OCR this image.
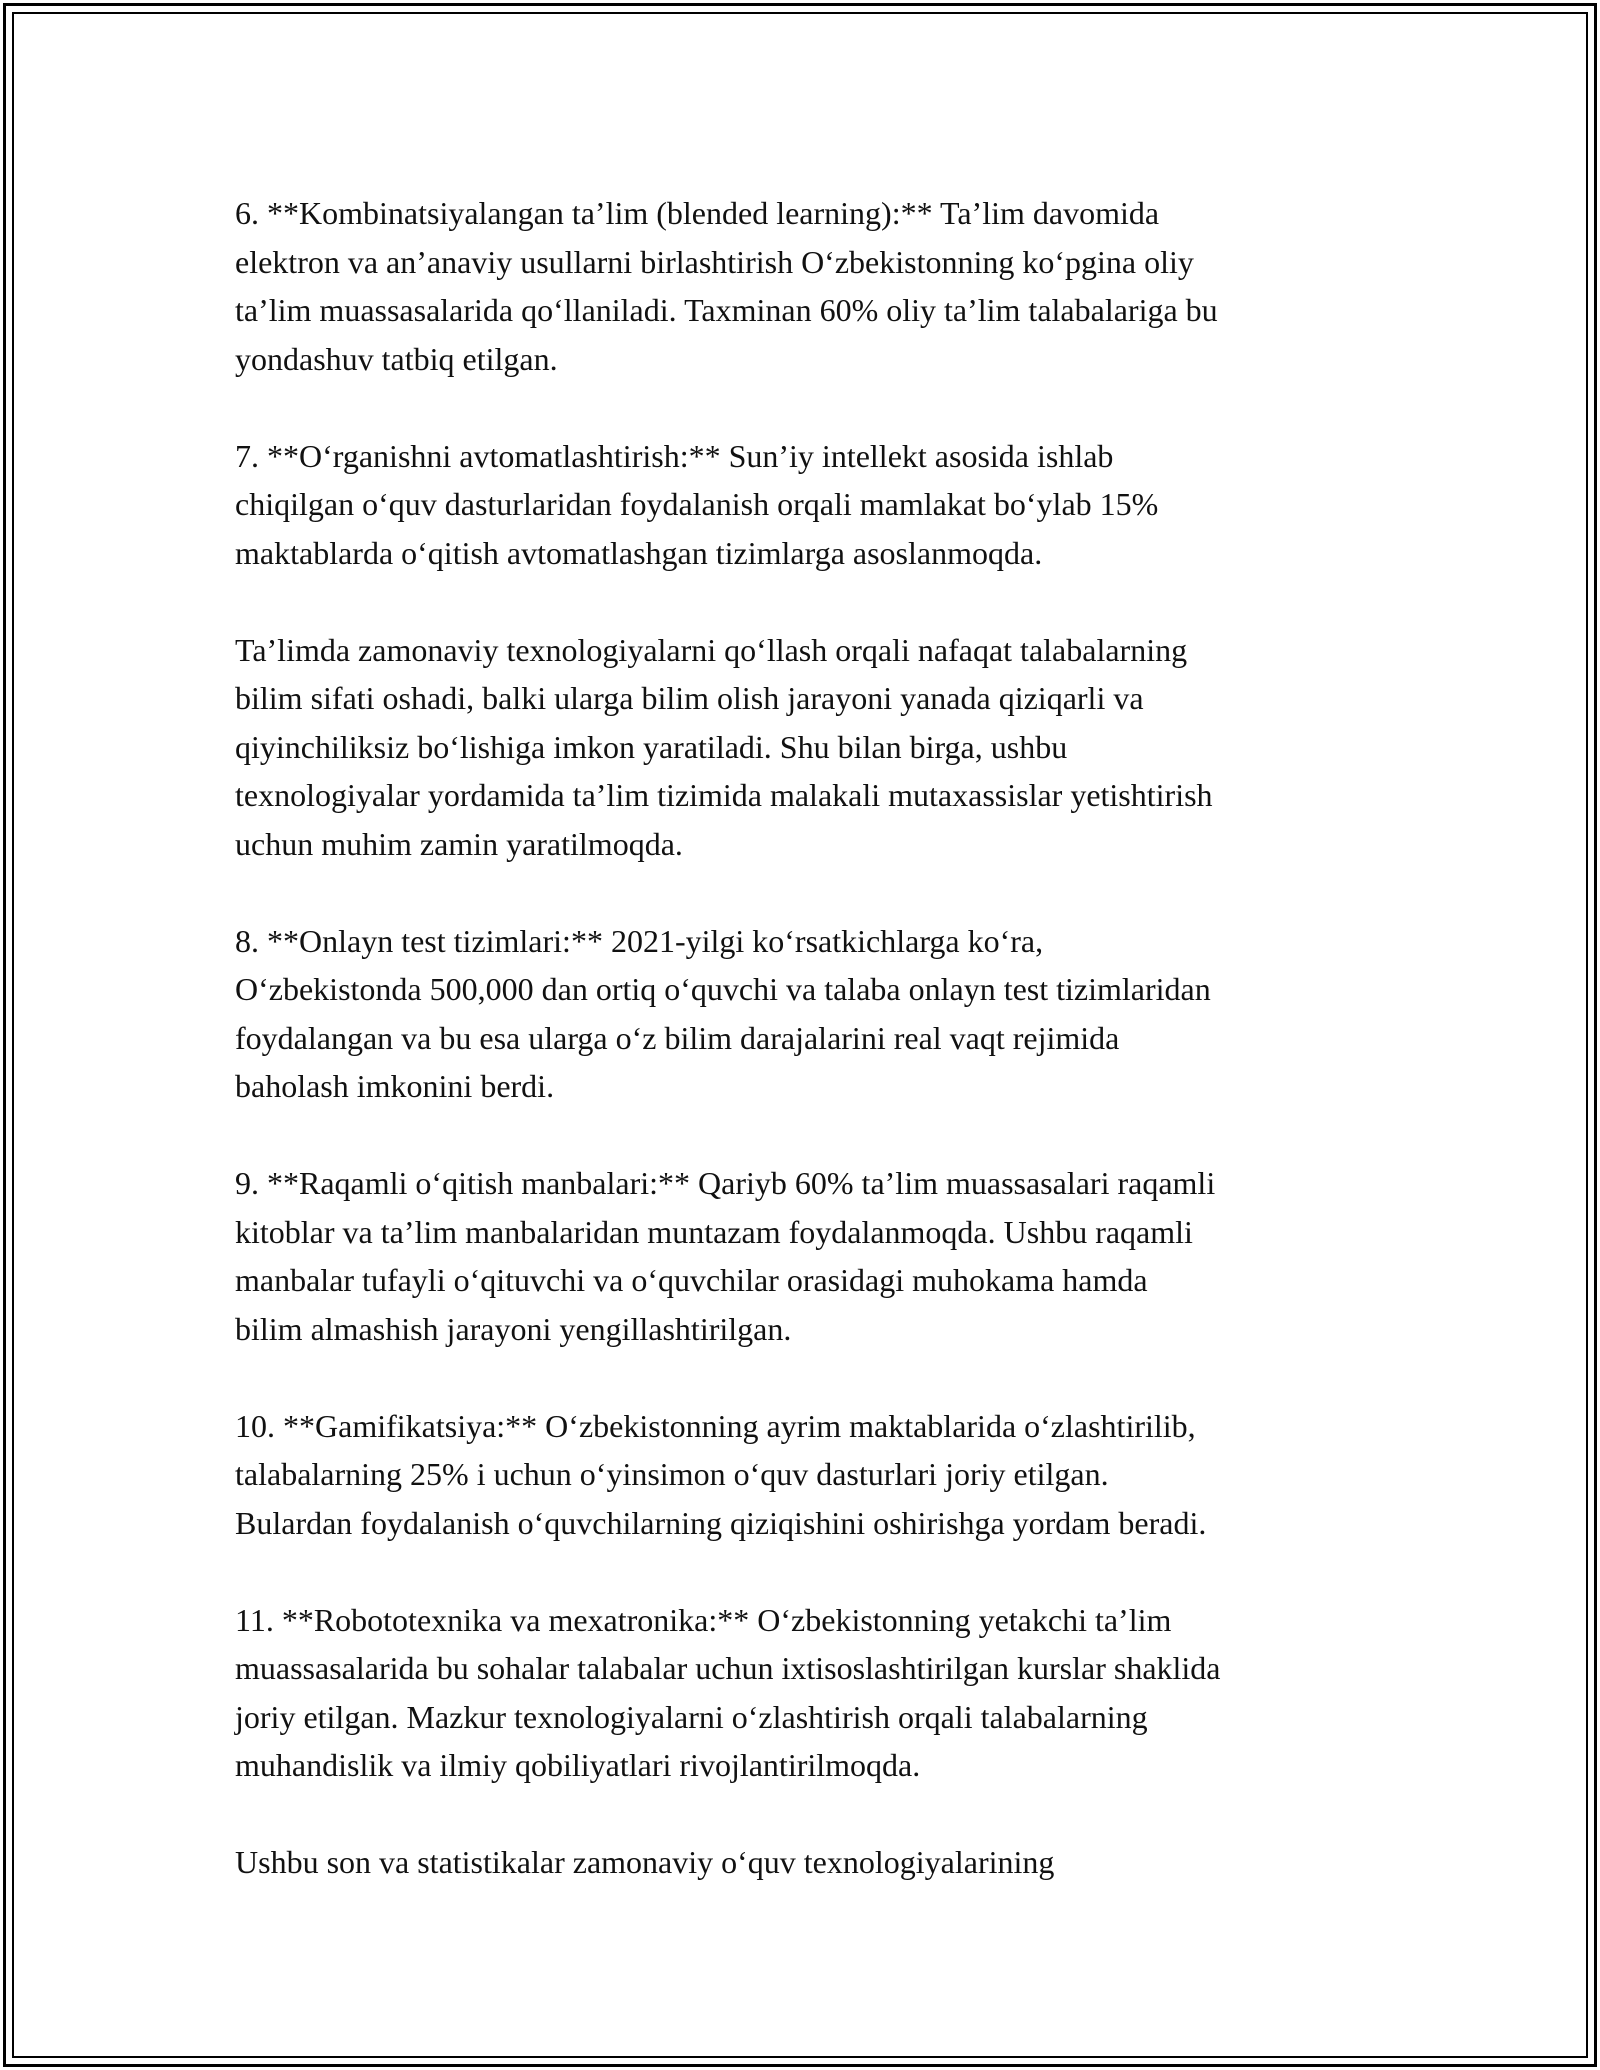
6. **Kombinatsiyalangan ta’lim (blended learning):** Ta’lim davomida
elektron va an’anaviy usullarni birlashtirish O‘zbekistonning ko‘pgina oliy
ta’lim muassasalarida qo‘llaniladi. Taxminan 60% oliy ta’lim talabalariga bu
yondashuv tatbiq etilgan.

7. **O‘rganishni avtomatlashtirish:** Sun’iy intellekt asosida ishlab
chiqilgan o‘quv dasturlaridan foydalanish orqali mamlakat bo‘ylab 15%
maktablarda o‘qitish avtomatlashgan tizimlarga asoslanmoqda.

Ta’limda zamonaviy texnologiyalarni qo‘llash orqali nafaqat talabalarning
bilim sifati oshadi, balki ularga bilim olish jarayoni yanada qiziqarli va
qiyinchiliksiz bo‘lishiga imkon yaratiladi. Shu bilan birga, ushbu
texnologiyalar yordamida ta’lim tizimida malakali mutaxassislar yetishtirish
uchun muhim zamin yaratilmoqda.

8. **Onlayn test tizimlari:** 2021-yilgi ko‘rsatkichlarga ko‘ra,
O‘zbekistonda 500,000 dan ortiq o‘quvchi va talaba onlayn test tizimlaridan
foydalangan va bu esa ularga o‘z bilim darajalarini real vaqt rejimida
baholash imkonini berdi.

9. **Raqamli o‘qitish manbalari:** Qariyb 60% ta’lim muassasalari raqamli
kitoblar va ta’lim manbalaridan muntazam foydalanmoqda. Ushbu raqamli
manbalar tufayli o‘qituvchi va o‘quvchilar orasidagi muhokama hamda
bilim almashish jarayoni yengillashtirilgan.

10. **Gamifikatsiya:** O‘zbekistonning ayrim maktablarida o‘zlashtirilib,
talabalarning 25% i uchun o‘yinsimon o‘quv dasturlari joriy etilgan.
Bulardan foydalanish o‘quvchilarning qiziqishini oshirishga yordam beradi.

11. **Robototexnika va mexatronika:** O‘zbekistonning yetakchi ta’lim
muassasalarida bu sohalar talabalar uchun ixtisoslashtirilgan kurslar shaklida
joriy etilgan. Mazkur texnologiyalarni o‘zlashtirish orqali talabalarning
muhandislik va ilmiy qobiliyatlari rivojlantirilmoqda.

Ushbu son va statistikalar zamonaviy o‘quv texnologiyalarining
